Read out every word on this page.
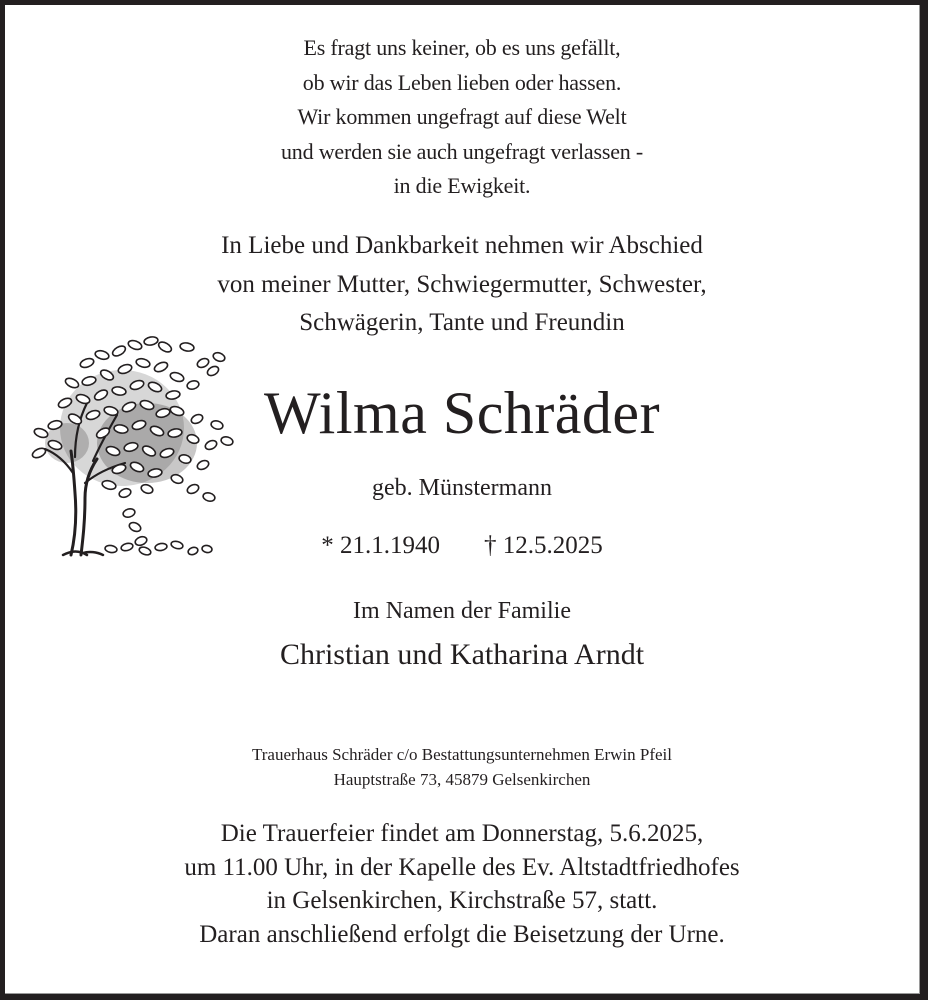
Es fragt uns keiner, ob es uns gefällt,
ob wir das Leben lieben oder hassen.
Wir kommen ungefragt auf diese Welt
und werden sie auch ungefragt verlassen -
in die Ewigkeit.
In Liebe und Dankbarkeit nehmen wir Abschied
von meiner Mutter, Schwiegermutter, Schwester,
Schwägerin, Tante und Freundin
Wilma Schräder
geb. Münstermann
* 21.1.1940 † 12.5.2025
Im Namen der Familie
Christian und Katharina Arndt
Trauerhaus Schräder c/o Bestattungsunternehmen Erwin Pfeil
Hauptstraße 73, 45879 Gelsenkirchen
Die Trauerfeier findet am Donnerstag, 5.6.2025,
um 11.00 Uhr, in der Kapelle des Ev. Altstadtfriedhofes
in Gelsenkirchen, Kirchstraße 57, statt.
Daran anschließend erfolgt die Beisetzung der Urne.
